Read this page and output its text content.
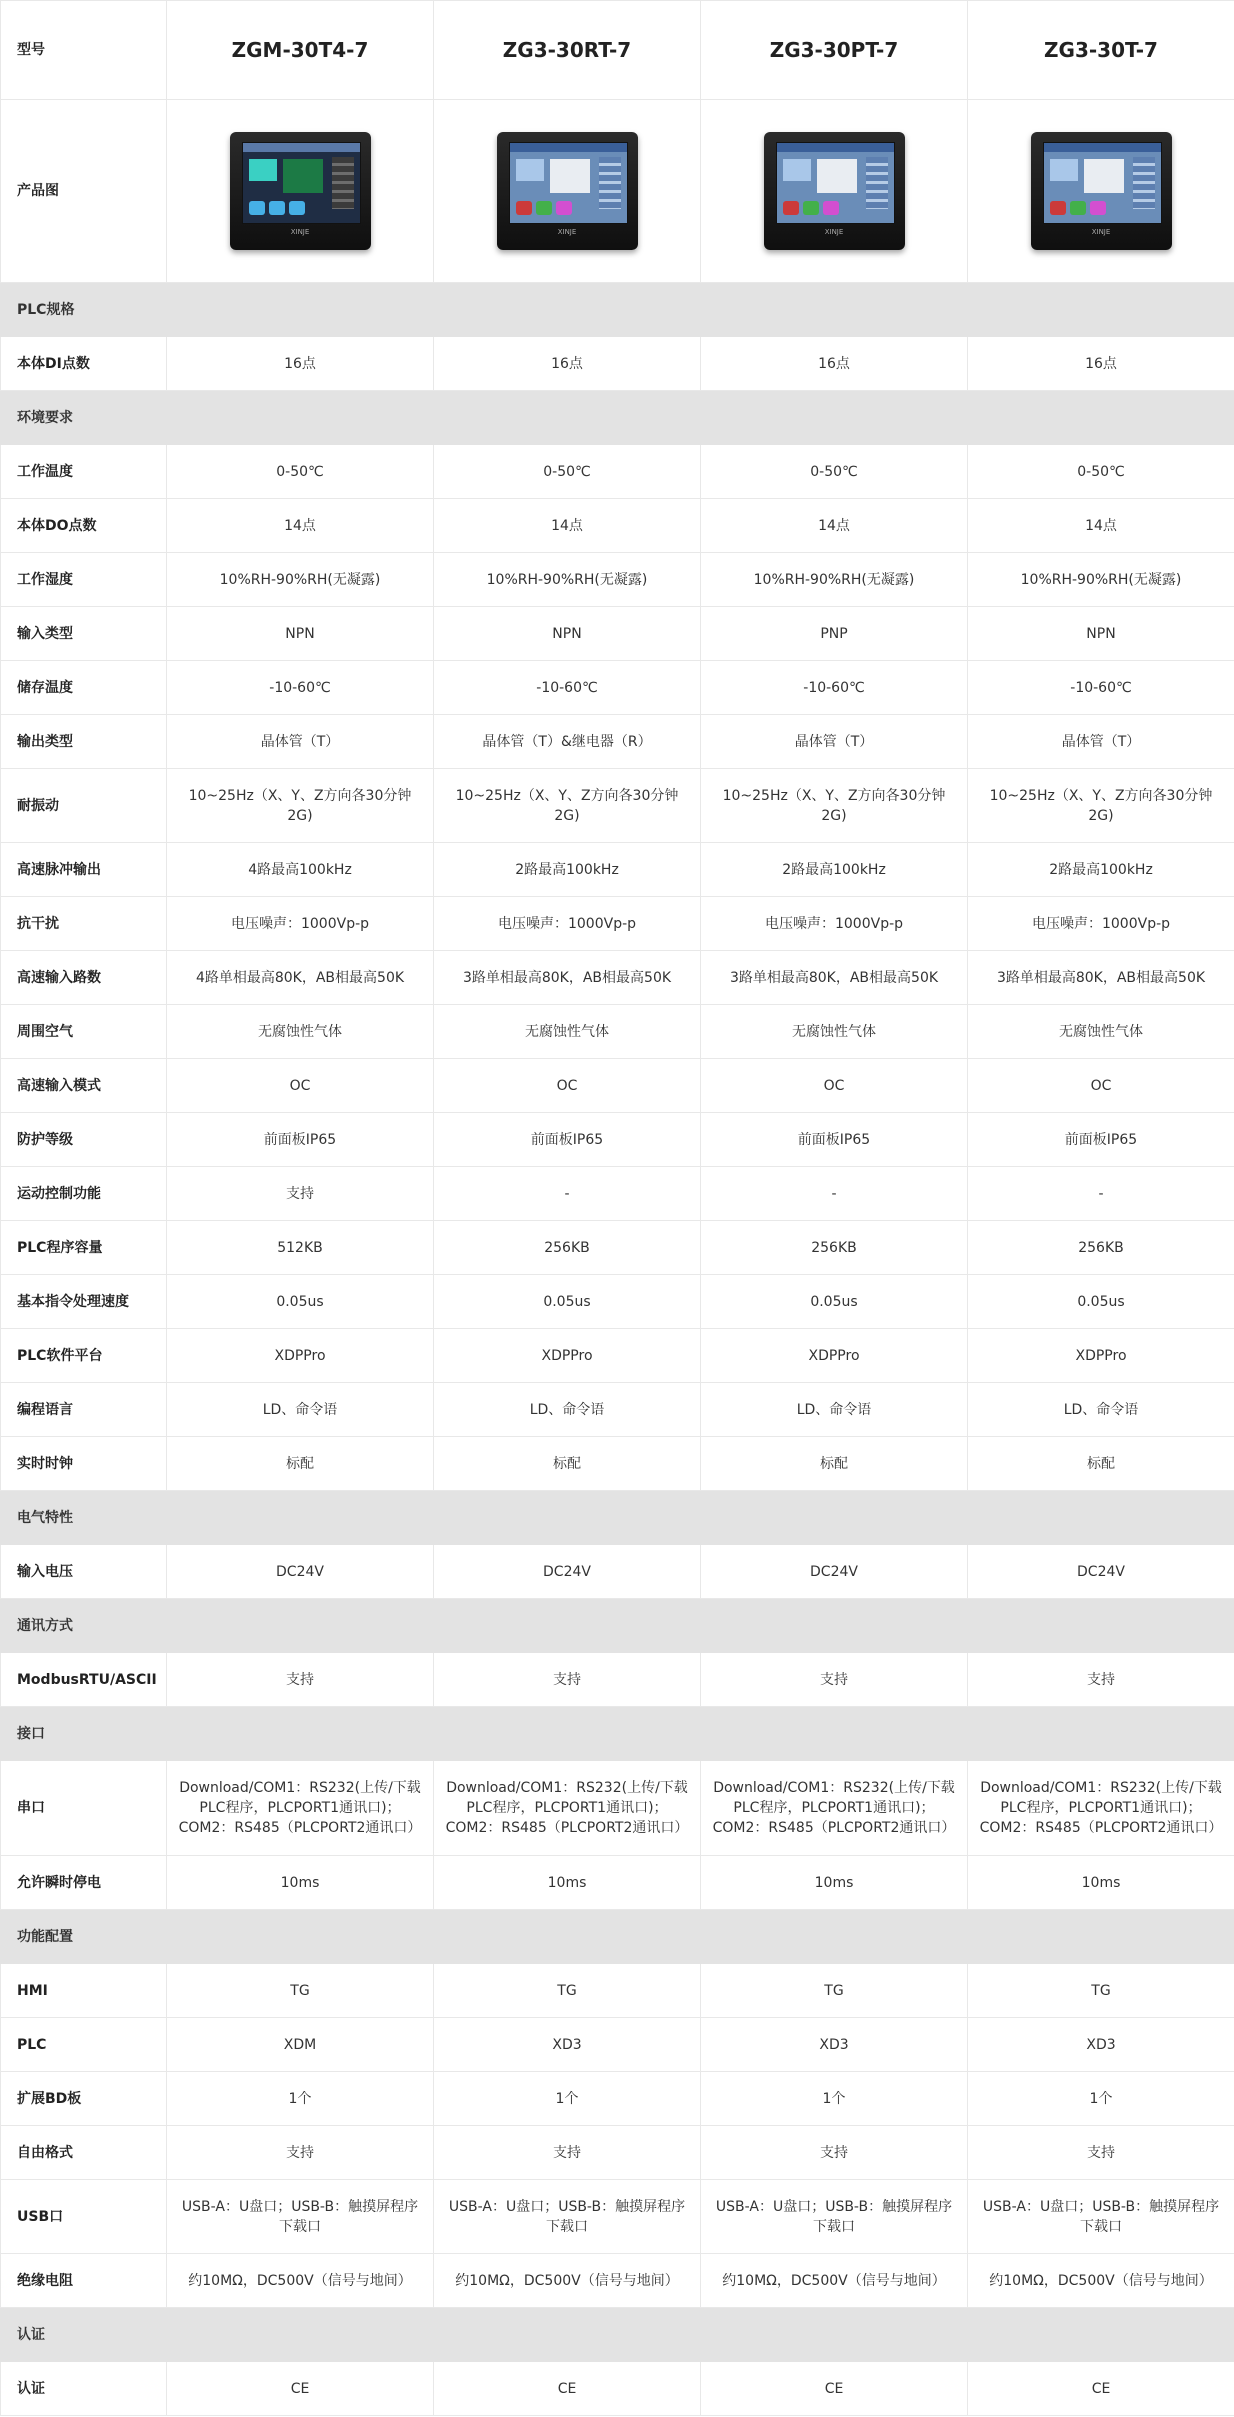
型号	ZGM-30T4-7	ZG3-30RT-7	ZG3-30PT-7	ZG3-30T-7
产品图	XINJE	XINJE	XINJE	XINJE

PLC规格				
本体DI点数	16点	16点	16点	16点
环境要求				
工作温度	0-50℃	0-50℃	0-50℃	0-50℃
本体DO点数	14点	14点	14点	14点
工作湿度	10%RH-90%RH(无凝露)	10%RH-90%RH(无凝露)	10%RH-90%RH(无凝露)	10%RH-90%RH(无凝露)
输入类型	NPN	NPN	PNP	NPN
储存温度	-10-60℃	-10-60℃	-10-60℃	-10-60℃
输出类型	晶体管（T）	晶体管（T）&继电器（R）	晶体管（T）	晶体管（T）
耐振动	10~25Hz（X、Y、Z方向各30分钟 2G)	10~25Hz（X、Y、Z方向各30分钟 2G)	10~25Hz（X、Y、Z方向各30分钟 2G)	10~25Hz（X、Y、Z方向各30分钟 2G)
高速脉冲输出	4路最高100kHz	2路最高100kHz	2路最高100kHz	2路最高100kHz
抗干扰	电压噪声：1000Vp-p	电压噪声：1000Vp-p	电压噪声：1000Vp-p	电压噪声：1000Vp-p
高速输入路数	4路单相最高80K，AB相最高50K	3路单相最高80K，AB相最高50K	3路单相最高80K，AB相最高50K	3路单相最高80K，AB相最高50K
周围空气	无腐蚀性气体	无腐蚀性气体	无腐蚀性气体	无腐蚀性气体
高速输入模式	OC	OC	OC	OC
防护等级	前面板IP65	前面板IP65	前面板IP65	前面板IP65
运动控制功能	支持	-	-	-
PLC程序容量	512KB	256KB	256KB	256KB
基本指令处理速度	0.05us	0.05us	0.05us	0.05us
PLC软件平台	XDPPro	XDPPro	XDPPro	XDPPro
编程语言	LD、命令语	LD、命令语	LD、命令语	LD、命令语
实时时钟	标配	标配	标配	标配
电气特性				
输入电压	DC24V	DC24V	DC24V	DC24V
通讯方式				
ModbusRTU/ASCII	支持	支持	支持	支持
接口				
串口	Download/COM1：RS232(上传/下载PLC程序，PLCPORT1通讯口)；COM2：RS485（PLCPORT2通讯口）	Download/COM1：RS232(上传/下载PLC程序，PLCPORT1通讯口)；COM2：RS485（PLCPORT2通讯口）	Download/COM1：RS232(上传/下载PLC程序，PLCPORT1通讯口)；COM2：RS485（PLCPORT2通讯口）	Download/COM1：RS232(上传/下载PLC程序，PLCPORT1通讯口)；COM2：RS485（PLCPORT2通讯口）
允许瞬时停电	10ms	10ms	10ms	10ms
功能配置				
HMI	TG	TG	TG	TG
PLC	XDM	XD3	XD3	XD3
扩展BD板	1个	1个	1个	1个
自由格式	支持	支持	支持	支持
USB口	USB-A：U盘口；USB-B：触摸屏程序下载口	USB-A：U盘口；USB-B：触摸屏程序下载口	USB-A：U盘口；USB-B：触摸屏程序下载口	USB-A：U盘口；USB-B：触摸屏程序下载口
绝缘电阻	约10MΩ，DC500V（信号与地间）	约10MΩ，DC500V（信号与地间）	约10MΩ，DC500V（信号与地间）	约10MΩ，DC500V（信号与地间）
认证				
认证	CE	CE	CE	CE
